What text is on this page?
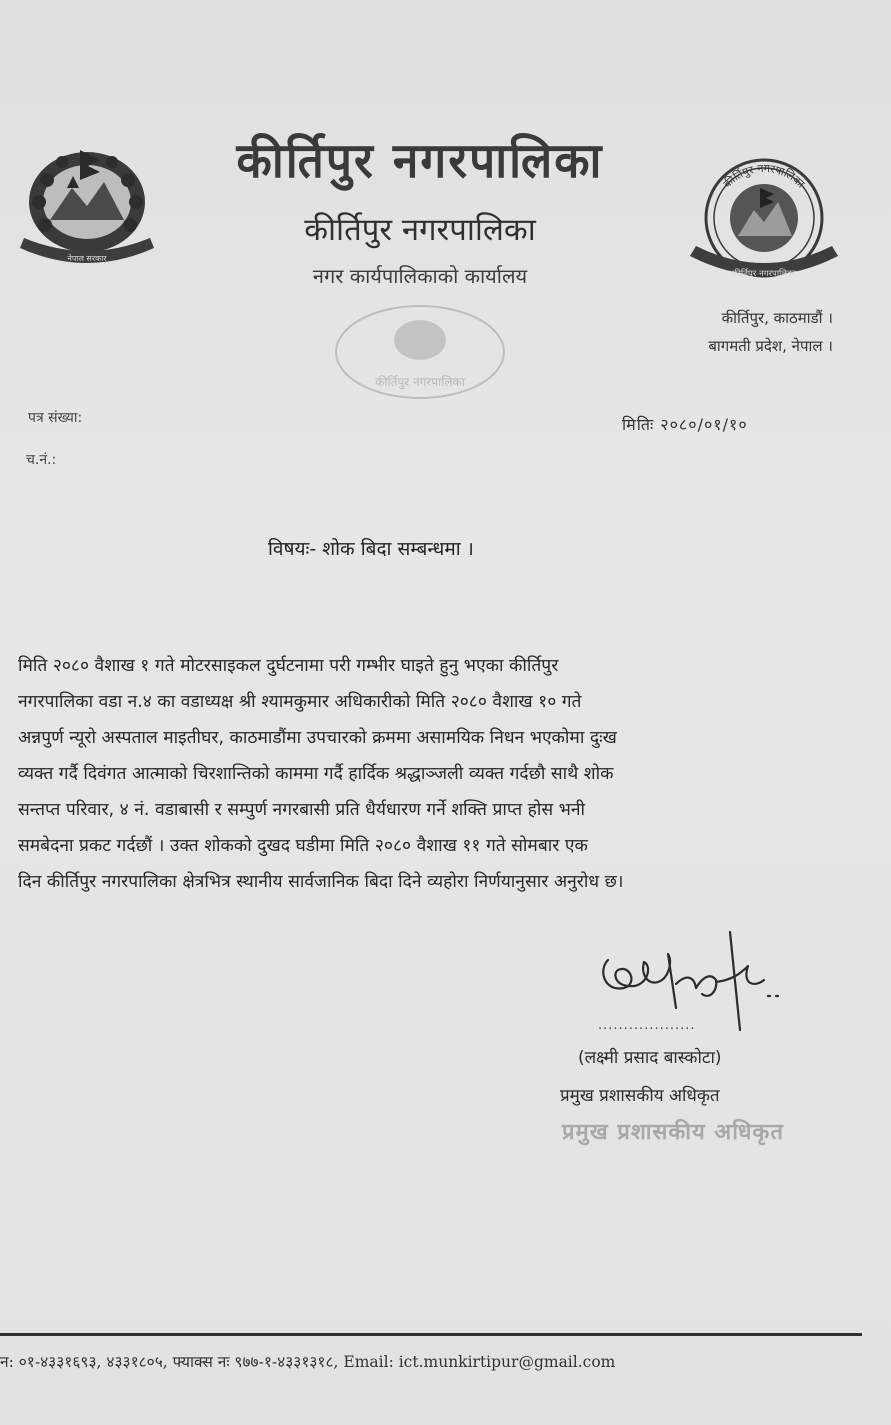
नेपाल सरकार
कीर्तिपुर नगरपालिका
कीर्तिपुर नगरपालिका
नगर कार्यपालिकाको कार्यालय
कीर्तिपुर नगरपालिका
कीर्तिपुर नगरपालिका
कीर्तिपुर, काठमाडौं ।
बागमती प्रदेश, नेपाल ।
कीर्तिपुर नगरपालिका
पत्र संख्या:
च.नं.:
मितिः २०८०/०१/१०
विषयः- शोक बिदा सम्बन्धमा ।
मिति २०८० वैशाख १ गते मोटरसाइकल दुर्घटनामा परी गम्भीर घाइते हुनु भएका कीर्तिपुर
नगरपालिका वडा न.४ का वडाध्यक्ष श्री श्यामकुमार अधिकारीको मिति २०८० वैशाख १० गते
अन्नपुर्ण न्यूरो अस्पताल माइतीघर, काठमाडौंमा उपचारको क्रममा असामयिक निधन भएकोमा दुःख
व्यक्त गर्दै दिवंगत आत्माको चिरशान्तिको काममा गर्दै हार्दिक श्रद्धाञ्जली व्यक्त गर्दछौ साथै शोक
सन्तप्त परिवार, ४ नं. वडाबासी र सम्पुर्ण नगरबासी प्रति धैर्यधारण गर्ने शक्ति प्राप्त होस भनी
समबेदना प्रकट गर्दछौं । उक्त शोकको दुखद घडीमा मिति २०८० वैशाख ११ गते सोमबार एक
दिन कीर्तिपुर नगरपालिका क्षेत्रभित्र स्थानीय सार्वजानिक बिदा दिने व्यहोरा निर्णयानुसार अनुरोध छ।
...................
(लक्ष्मी प्रसाद बास्कोटा)
प्रमुख प्रशासकीय अधिकृत
प्रमुख प्रशासकीय अधिकृत
न: ०१-४३३१६९३, ४३३१८०५, फ्याक्स नः ९७७-१-४३३१३१८, Email: ict.munkirtipur@gmail.com
